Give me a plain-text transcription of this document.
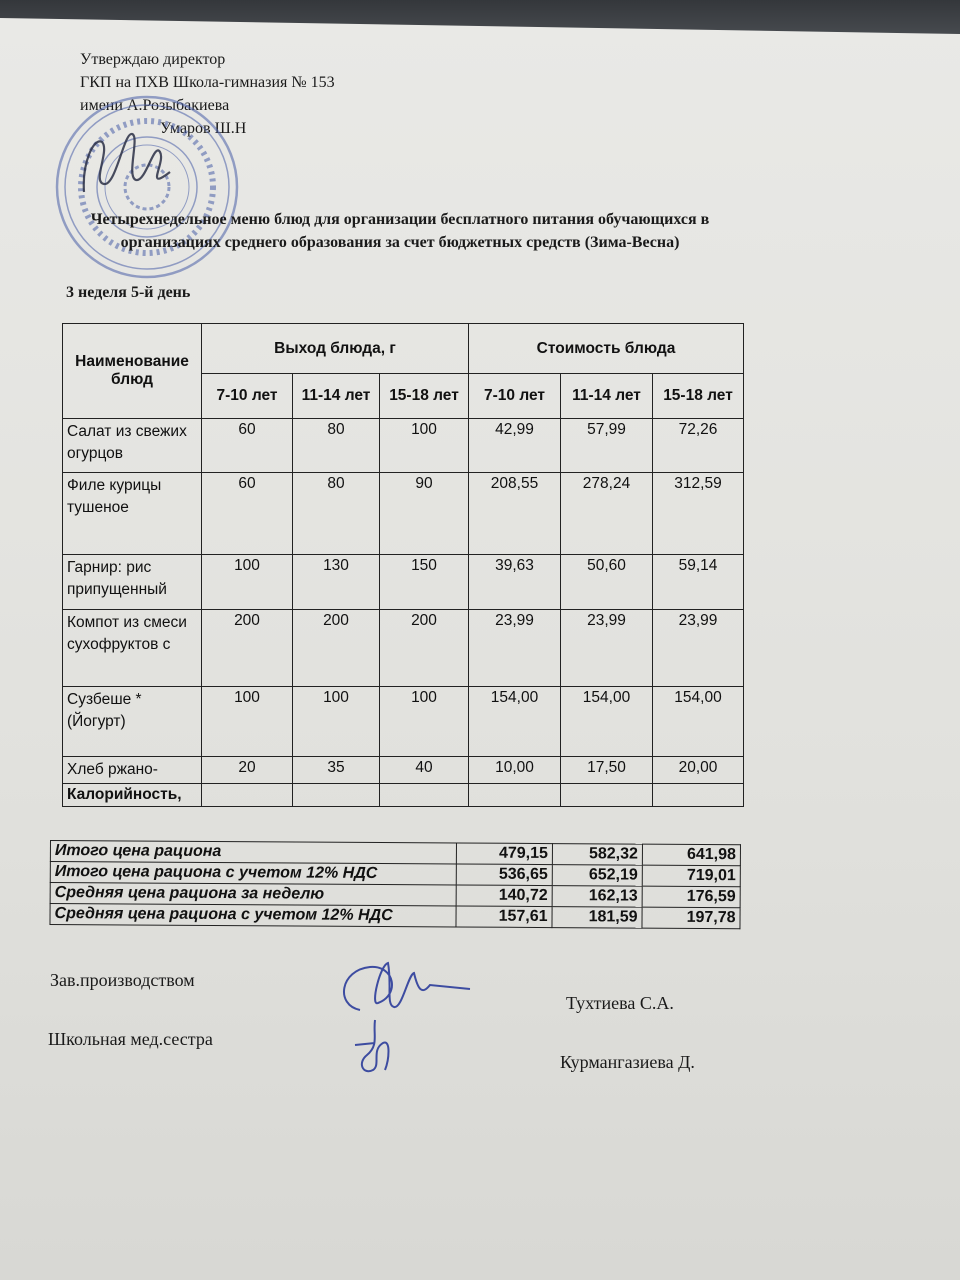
Утверждаю директор
ГКП на ПХВ Школа-гимназия № 153
имени А.Розыбакиева
Умаров Ш.Н
Четырехнедельное меню блюд для организации бесплатного питания обучающихся в организациях среднего образования за счет бюджетных средств (Зима-Весна)
3 неделя 5-й день
Наименование блюд	Выход блюда, г			Стоимость блюда		
	7-10 лет	11-14 лет	15-18 лет	7-10 лет	11-14 лет	15-18 лет
Салат из свежих огурцов	60	80	100	42,99	57,99	72,26
Филе курицы тушеное	60	80	90	208,55	278,24	312,59
Гарнир: рис припущенный	100	130	150	39,63	50,60	59,14
Компот из смеси сухофруктов с	200	200	200	23,99	23,99	23,99
Сузбеше *(Йогурт)	100	100	100	154,00	154,00	154,00
Хлеб ржано-	20	35	40	10,00	17,50	20,00
Калорийность,						
Итого цена рациона	479,15	582,32	641,98
Итого цена рациона с учетом 12% НДС	536,65	652,19	719,01
Средняя цена рациона за неделю	140,72	162,13	176,59
Средняя цена рациона с учетом 12% НДС	157,61	181,59	197,78
Зав.производством
Тухтиева С.А.
Школьная мед.сестра
Курмангазиева Д.
